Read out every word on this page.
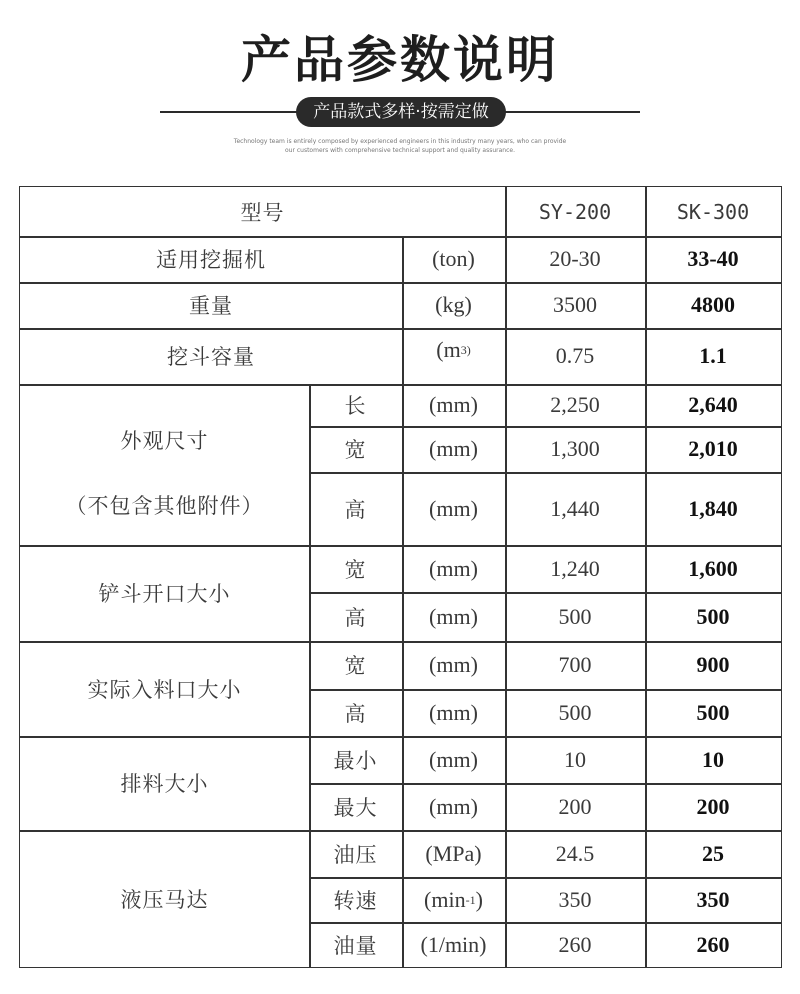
产品参数说明
产品款式多样·按需定做
Technology team is entirely composed by experienced engineers in this industry many years, who can provide
our customers with comprehensive technical support and quality assurance.
型号	SY-200	SK-300
适用挖掘机	(ton)	20-30	33-40
重量	(kg)	3500	4800
挖斗容量	(m 3)	0.75	1.1
外观尺寸
（不包含其他附件）
长	(mm)	2,250	2,640
宽	(mm)	1,300	2,010
高	(mm)	1,440	1,840
铲斗开口大小
宽	(mm)	1,240	1,600
高	(mm)	500	500
实际入料口大小
宽	(mm)	700	900
高	(mm)	500	500
排料大小
最小	(mm)	10	10
最大	(mm)	200	200
液压马达
油压	(MPa)	24.5	25
转速	(min -1 )	350	350
油量	(1/min)	260	260
